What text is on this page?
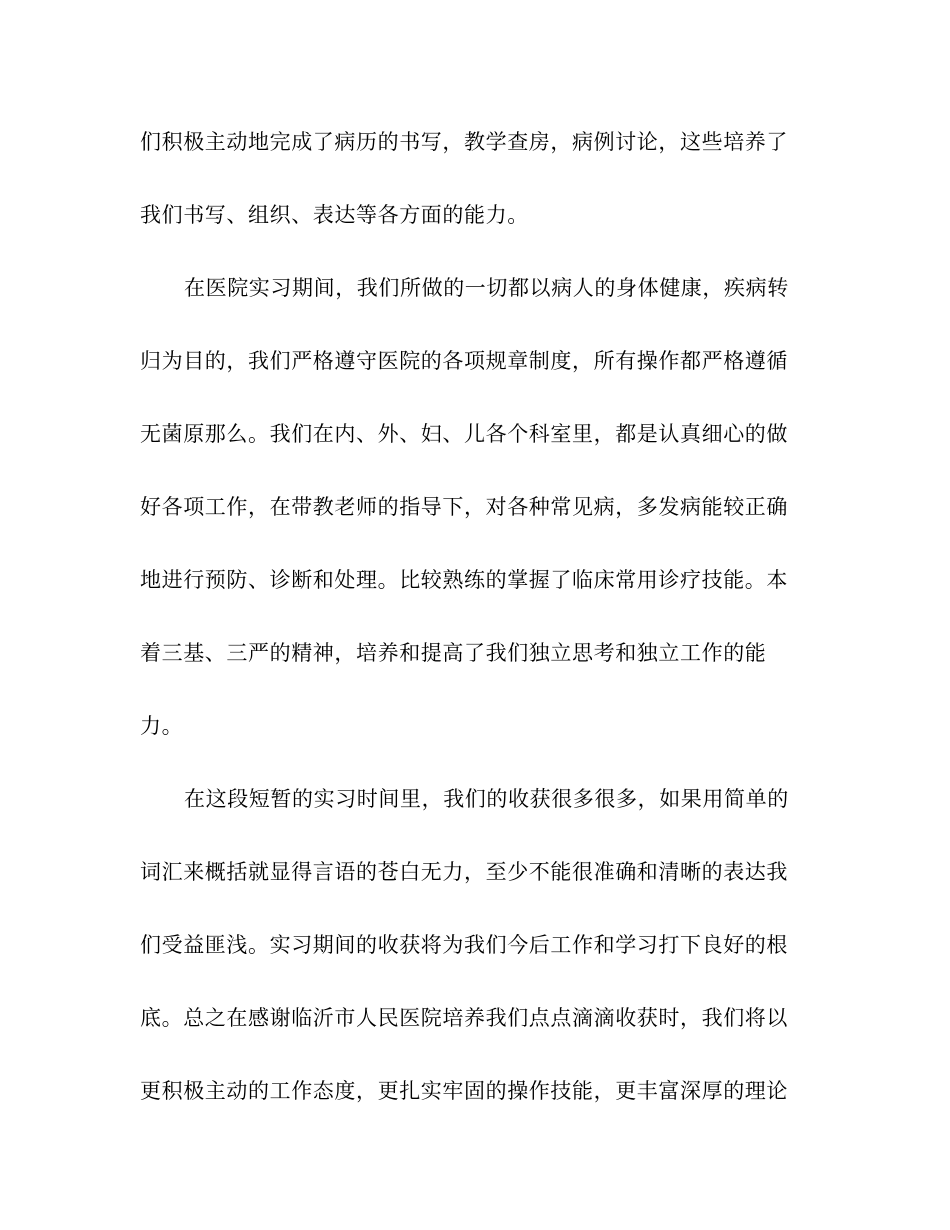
们积极主动地完成了病历的书写，教学查房，病例讨论，这些培养了
我们书写、组织、表达等各方面的能力。
在医院实习期间，我们所做的一切都以病人的身体健康，疾病转
归为目的，我们严格遵守医院的各项规章制度，所有操作都严格遵循
无菌原那么。我们在内、外、妇、儿各个科室里，都是认真细心的做
好各项工作，在带教老师的指导下，对各种常见病，多发病能较正确
地进行预防、诊断和处理。比较熟练的掌握了临床常用诊疗技能。本
着三基、三严的精神，培养和提高了我们独立思考和独立工作的能
力。
在这段短暂的实习时间里，我们的收获很多很多，如果用简单的
词汇来概括就显得言语的苍白无力，至少不能很准确和清晰的表达我
们受益匪浅。实习期间的收获将为我们今后工作和学习打下良好的根
底。总之在感谢临沂市人民医院培养我们点点滴滴收获时，我们将以
更积极主动的工作态度，更扎实牢固的操作技能，更丰富深厚的理论
